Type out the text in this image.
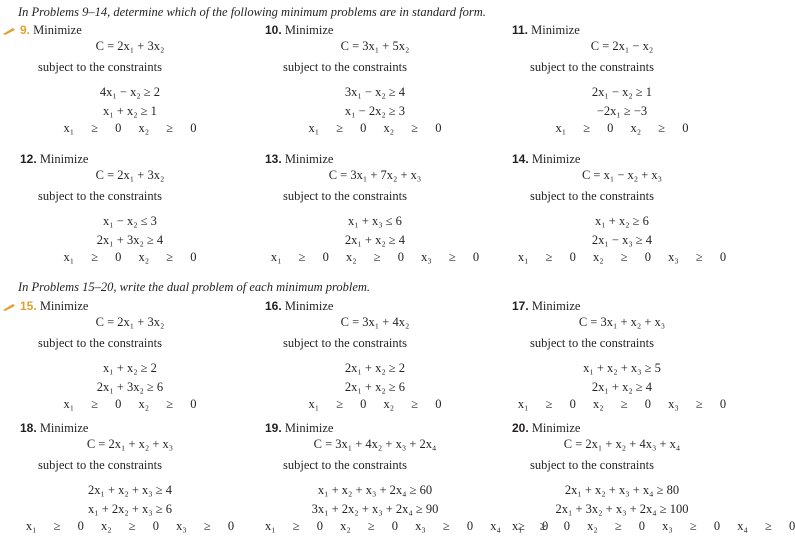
In Problems 9–14, determine which of the following minimum problems are in standard form.
9. Minimize
C = 2x₁ + 3x₂
subject to the constraints
4x₁ − x₂ ≥ 2
x₁ + x₂ ≥ 1
x₁ ≥ 0 x₂ ≥ 0
10. Minimize
C = 3x₁ + 5x₂
subject to the constraints
3x₁ − x₂ ≥ 4
x₁ − 2x₂ ≥ 3
x₁ ≥ 0 x₂ ≥ 0
11. Minimize
C = 2x₁ − x₂
subject to the constraints
2x₁ − x₂ ≥ 1
−2x₁ ≥ −3
x₁ ≥ 0 x₂ ≥ 0
12. Minimize
C = 2x₁ + 3x₂
subject to the constraints
x₁ − x₂ ≤ 3
2x₁ + 3x₂ ≥ 4
x₁ ≥ 0 x₂ ≥ 0
13. Minimize
C = 3x₁ + 7x₂ + x₃
subject to the constraints
x₁ + x₃ ≤ 6
2x₁ + x₂ ≥ 4
x₁ ≥ 0 x₂ ≥ 0 x₃ ≥ 0
14. Minimize
C = x₁ − x₂ + x₃
subject to the constraints
x₁ + x₂ ≥ 6
2x₁ − x₃ ≥ 4
x₁ ≥ 0 x₂ ≥ 0 x₃ ≥ 0
In Problems 15–20, write the dual problem of each minimum problem.
15. Minimize
C = 2x₁ + 3x₂
subject to the constraints
x₁ + x₂ ≥ 2
2x₁ + 3x₂ ≥ 6
x₁ ≥ 0 x₂ ≥ 0
16. Minimize
C = 3x₁ + 4x₂
subject to the constraints
2x₁ + x₂ ≥ 2
2x₁ + x₂ ≥ 6
x₁ ≥ 0 x₂ ≥ 0
17. Minimize
C = 3x₁ + x₂ + x₃
subject to the constraints
x₁ + x₂ + x₃ ≥ 5
2x₁ + x₂ ≥ 4
x₁ ≥ 0 x₂ ≥ 0 x₃ ≥ 0
18. Minimize
C = 2x₁ + x₂ + x₃
subject to the constraints
2x₁ + x₂ + x₃ ≥ 4
x₁ + 2x₂ + x₃ ≥ 6
x₁ ≥ 0 x₂ ≥ 0 x₃ ≥ 0
19. Minimize
C = 3x₁ + 4x₂ + x₃ + 2x₄
subject to the constraints
x₁ + x₂ + x₃ + 2x₄ ≥ 60
3x₁ + 2x₂ + x₃ + 2x₄ ≥ 90
x₁ ≥ 0 x₂ ≥ 0 x₃ ≥ 0 x₄ ≥ 0
20. Minimize
C = 2x₁ + x₂ + 4x₃ + x₄
subject to the constraints
2x₁ + x₂ + x₃ + x₄ ≥ 80
2x₁ + 3x₂ + x₃ + 2x₄ ≥ 100
x₁ ≥ 0 x₂ ≥ 0 x₃ ≥ 0 x₄ ≥ 0
